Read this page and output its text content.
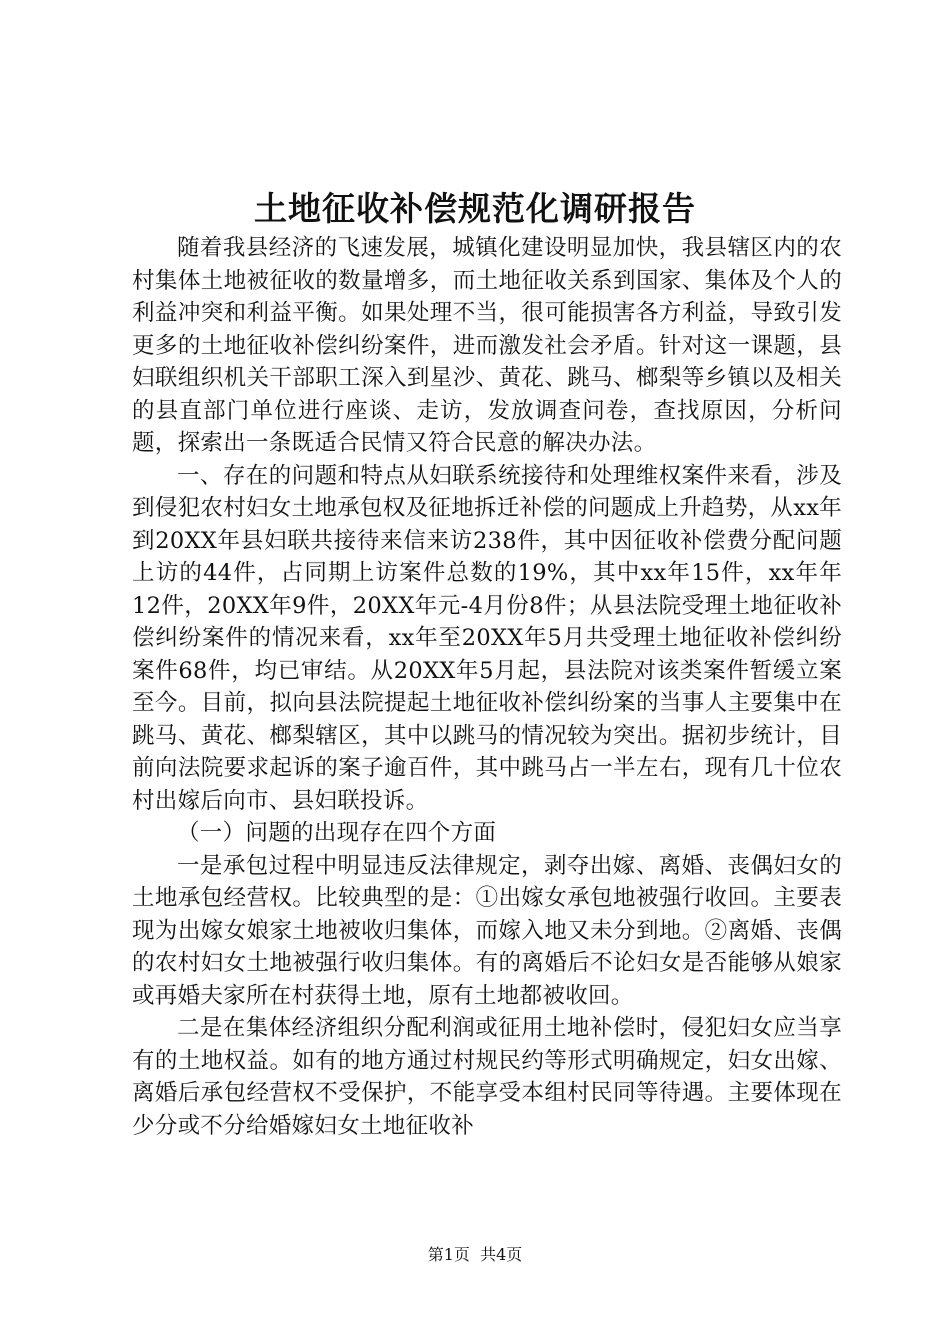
土地征收补偿规范化调研报告

随着我县经济的飞速发展，城镇化建设明显加快，我县辖区内的农村集体土地被征收的数量增多，而土地征收关系到国家、集体及个人的利益冲突和利益平衡。如果处理不当，很可能损害各方利益，导致引发更多的土地征收补偿纠纷案件，进而激发社会矛盾。针对这一课题，县妇联组织机关干部职工深入到星沙、黄花、跳马、榔梨等乡镇以及相关的县直部门单位进行座谈、走访，发放调查问卷，查找原因，分析问题，探索出一条既适合民情又符合民意的解决办法。

一、存在的问题和特点从妇联系统接待和处理维权案件来看，涉及到侵犯农村妇女土地承包权及征地拆迁补偿的问题成上升趋势，从xx年到20XX年县妇联共接待来信来访238件，其中因征收补偿费分配问题上访的44件，占同期上访案件总数的19%，其中xx年15件，xx年年12件，20XX年9件，20XX年元-4月份8件；从县法院受理土地征收补偿纠纷案件的情况来看，xx年至20XX年5月共受理土地征收补偿纠纷案件68件，均已审结。从20XX年5月起，县法院对该类案件暂缓立案至今。目前，拟向县法院提起土地征收补偿纠纷案的当事人主要集中在跳马、黄花、榔梨辖区，其中以跳马的情况较为突出。据初步统计，目前向法院要求起诉的案子逾百件，其中跳马占一半左右，现有几十位农村出嫁后向市、县妇联投诉。

（一）问题的出现存在四个方面

一是承包过程中明显违反法律规定，剥夺出嫁、离婚、丧偶妇女的土地承包经营权。比较典型的是：①出嫁女承包地被强行收回。主要表现为出嫁女娘家土地被收归集体，而嫁入地又未分到地。②离婚、丧偶的农村妇女土地被强行收归集体。有的离婚后不论妇女是否能够从娘家或再婚夫家所在村获得土地，原有土地都被收回。

二是在集体经济组织分配利润或征用土地补偿时，侵犯妇女应当享有的土地权益。如有的地方通过村规民约等形式明确规定，妇女出嫁、离婚后承包经营权不受保护，不能享受本组村民同等待遇。主要体现在少分或不分给婚嫁妇女土地征收补

第1页 共4页
